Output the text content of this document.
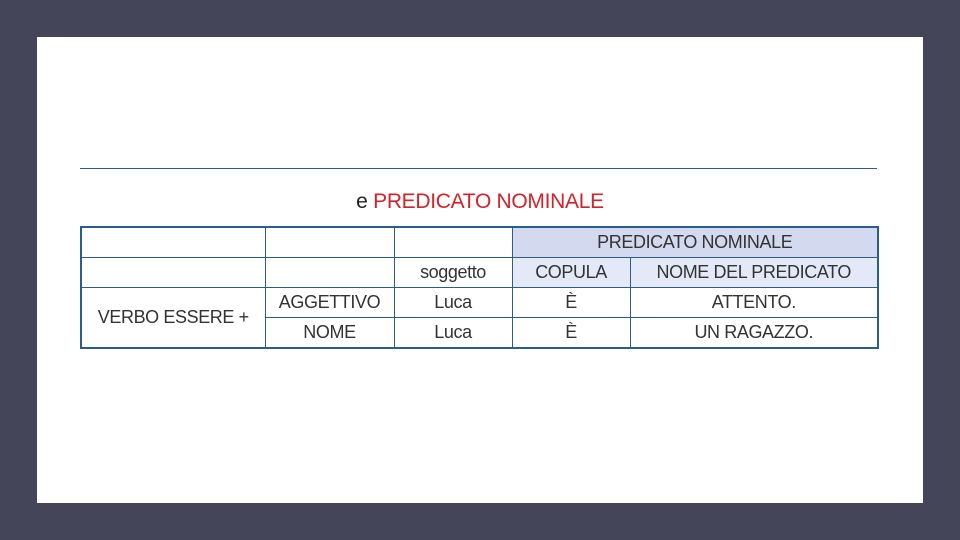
e PREDICATO NOMINALE
			PREDICATO NOMINALE	
		soggetto	COPULA	NOME DEL PREDICATO
VERBO ESSERE +	AGGETTIVO	Luca	È	ATTENTO.
	NOME	Luca	È	UN RAGAZZO.
